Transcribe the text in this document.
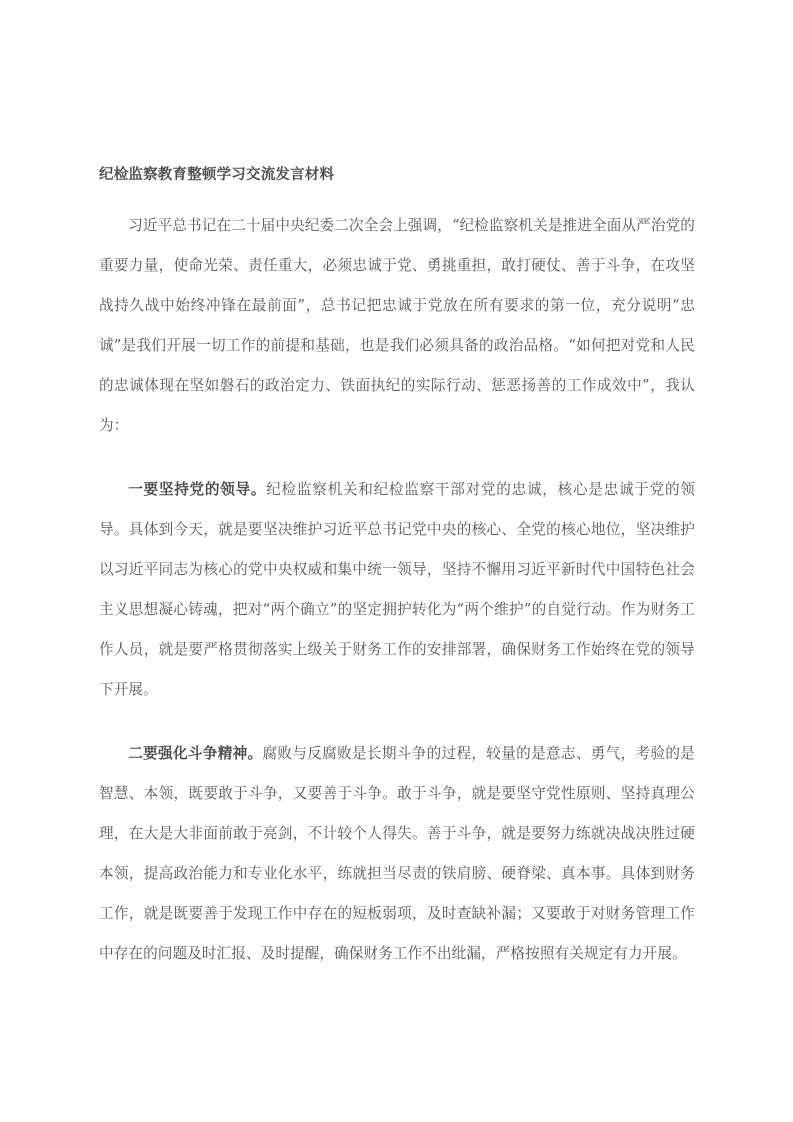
纪检监察教育整顿学习交流发言材料

习近平总书记在二十届中央纪委二次全会上强调，“纪检监察机关是推进全面从严治党的重要力量，使命光荣、责任重大，必须忠诚于党、勇挑重担，敢打硬仗、善于斗争，在攻坚战持久战中始终冲锋在最前面”，总书记把忠诚于党放在所有要求的第一位，充分说明“忠诚”是我们开展一切工作的前提和基础，也是我们必须具备的政治品格。“如何把对党和人民的忠诚体现在坚如磐石的政治定力、铁面执纪的实际行动、惩恶扬善的工作成效中”，我认为：

一要坚持党的领导。纪检监察机关和纪检监察干部对党的忠诚，核心是忠诚于党的领导。具体到今天，就是要坚决维护习近平总书记党中央的核心、全党的核心地位，坚决维护以习近平同志为核心的党中央权威和集中统一领导，坚持不懈用习近平新时代中国特色社会主义思想凝心铸魂，把对“两个确立”的坚定拥护转化为“两个维护”的自觉行动。作为财务工作人员，就是要严格贯彻落实上级关于财务工作的安排部署，确保财务工作始终在党的领导下开展。

二要强化斗争精神。腐败与反腐败是长期斗争的过程，较量的是意志、勇气，考验的是智慧、本领，既要敢于斗争，又要善于斗争。敢于斗争，就是要坚守党性原则、坚持真理公理，在大是大非面前敢于亮剑，不计较个人得失。善于斗争，就是要努力练就决战决胜过硬本领，提高政治能力和专业化水平，练就担当尽责的铁肩膀、硬脊梁、真本事。具体到财务工作，就是既要善于发现工作中存在的短板弱项，及时查缺补漏；又要敢于对财务管理工作中存在的问题及时汇报、及时提醒，确保财务工作不出纰漏，严格按照有关规定有力开展。
